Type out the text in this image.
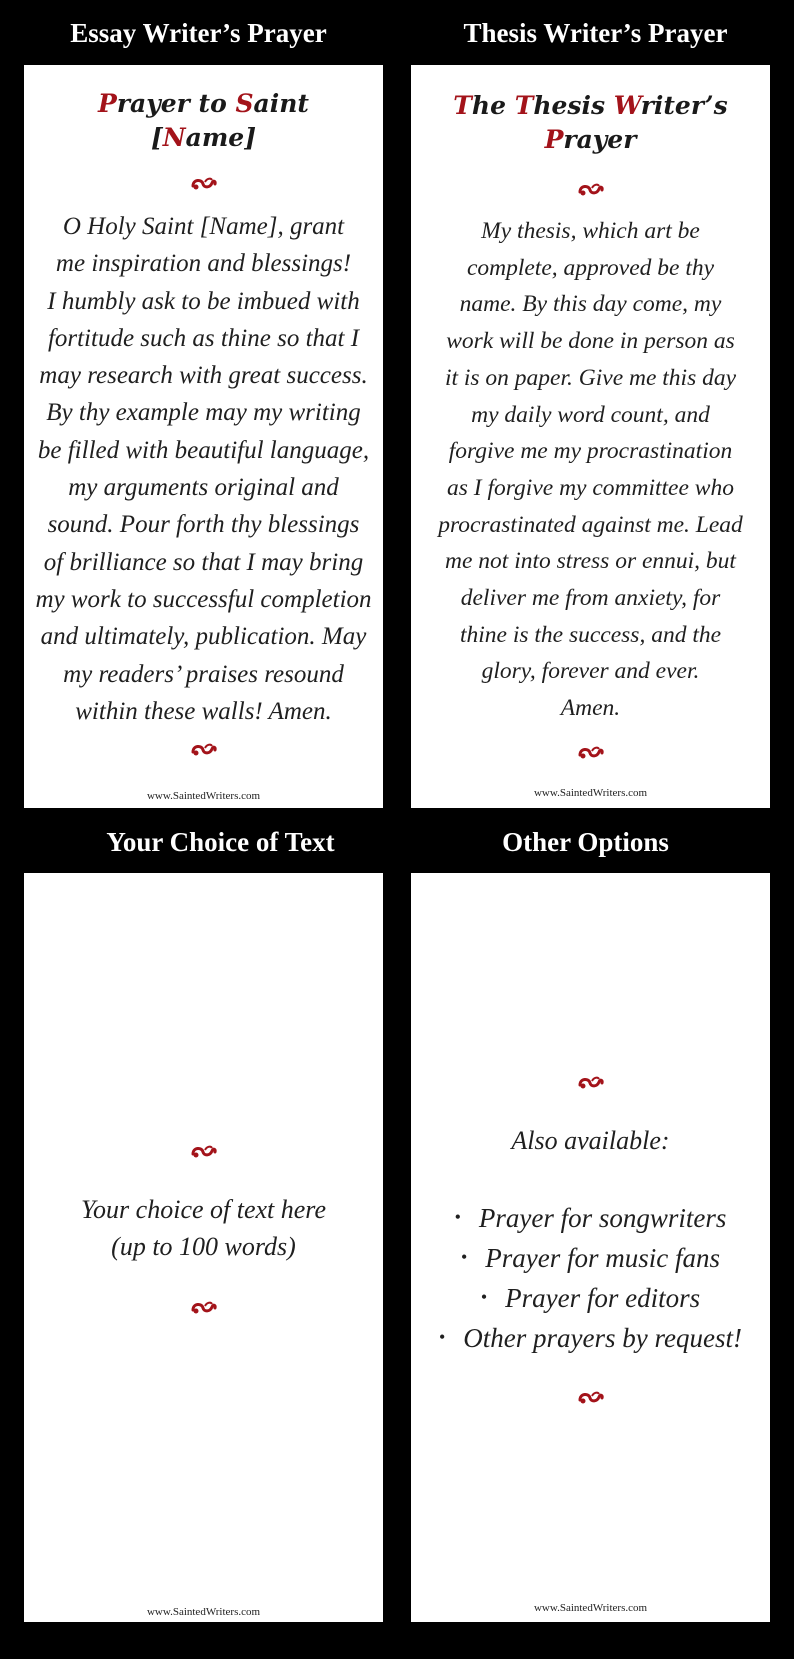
Essay Writer’s Prayer	Thesis Writer’s Prayer
Your Choice of Text	Other Options
Prayer to Saint
[Name]
O Holy Saint [Name], grant
me inspiration and blessings!
I humbly ask to be imbued with
fortitude such as thine so that I
may research with great success.
By thy example may my writing
be filled with beautiful language,
my arguments original and
sound. Pour forth thy blessings
of brilliance so that I may bring
my work to successful completion
and ultimately, publication. May
my readers’ praises resound
within these walls! Amen.
www.SaintedWriters.com
The Thesis Writer’s
Prayer
My thesis, which art be
complete, approved be thy
name. By this day come, my
work will be done in person as
it is on paper. Give me this day
my daily word count, and
forgive me my procrastination
as I forgive my committee who
procrastinated against me. Lead
me not into stress or ennui, but
deliver me from anxiety, for
thine is the success, and the
glory, forever and ever.
Amen.
www.SaintedWriters.com
Your choice of text here
(up to 100 words)
www.SaintedWriters.com
Also available:
• Prayer for songwriters
• Prayer for music fans
• Prayer for editors
• Other prayers by request!
www.SaintedWriters.com
